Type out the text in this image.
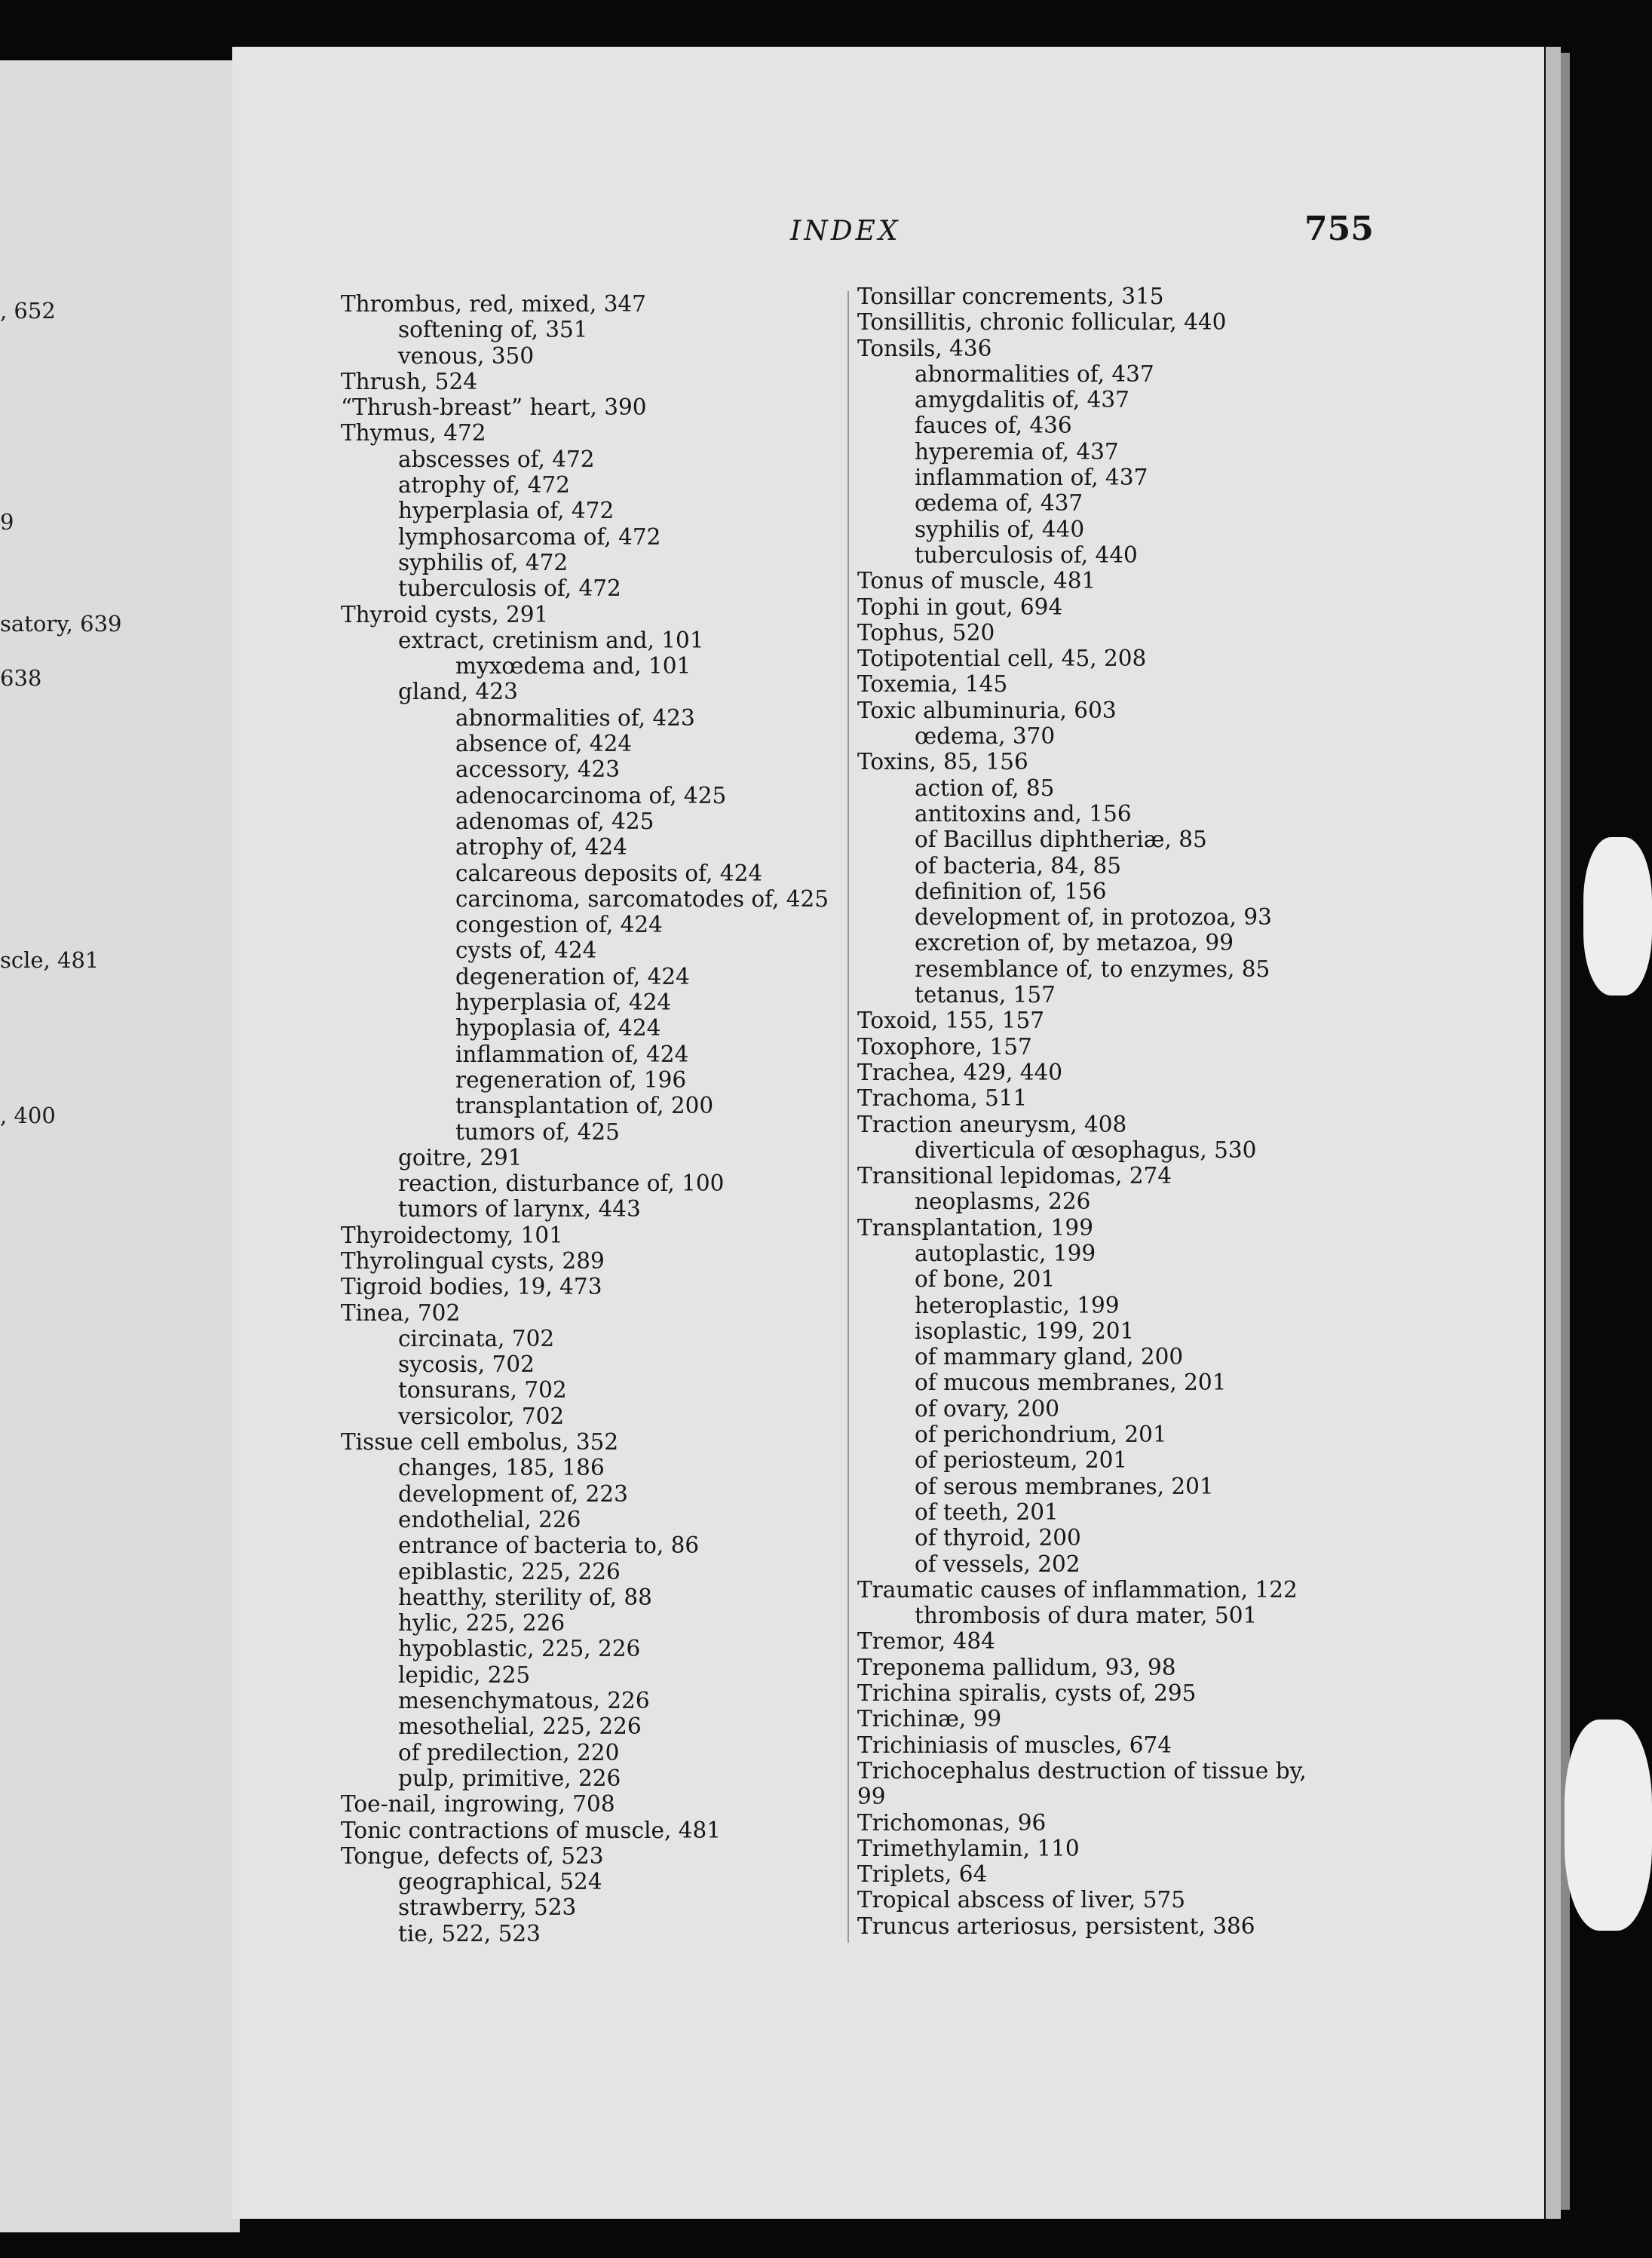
, 652
9
satory, 639
638
scle, 481
, 400
INDEX	755
Thrombus, red, mixed, 347
softening of, 351
venous, 350
Thrush, 524
“Thrush-breast” heart, 390
Thymus, 472
abscesses of, 472
atrophy of, 472
hyperplasia of, 472
lymphosarcoma of, 472
syphilis of, 472
tuberculosis of, 472
Thyroid cysts, 291
extract, cretinism and, 101
myxœdema and, 101
gland, 423
abnormalities of, 423
absence of, 424
accessory, 423
adenocarcinoma of, 425
adenomas of, 425
atrophy of, 424
calcareous deposits of, 424
carcinoma, sarcomatodes of, 425
congestion of, 424
cysts of, 424
degeneration of, 424
hyperplasia of, 424
hypoplasia of, 424
inflammation of, 424
regeneration of, 196
transplantation of, 200
tumors of, 425
goitre, 291
reaction, disturbance of, 100
tumors of larynx, 443
Thyroidectomy, 101
Thyrolingual cysts, 289
Tigroid bodies, 19, 473
Tinea, 702
circinata, 702
sycosis, 702
tonsurans, 702
versicolor, 702
Tissue cell embolus, 352
changes, 185, 186
development of, 223
endothelial, 226
entrance of bacteria to, 86
epiblastic, 225, 226
heatthy, sterility of, 88
hylic, 225, 226
hypoblastic, 225, 226
lepidic, 225
mesenchymatous, 226
mesothelial, 225, 226
of predilection, 220
pulp, primitive, 226
Toe-nail, ingrowing, 708
Tonic contractions of muscle, 481
Tongue, defects of, 523
geographical, 524
strawberry, 523
tie, 522, 523
Tonsillar concrements, 315
Tonsillitis, chronic follicular, 440
Tonsils, 436
abnormalities of, 437
amygdalitis of, 437
fauces of, 436
hyperemia of, 437
inflammation of, 437
œdema of, 437
syphilis of, 440
tuberculosis of, 440
Tonus of muscle, 481
Tophi in gout, 694
Tophus, 520
Totipotential cell, 45, 208
Toxemia, 145
Toxic albuminuria, 603
œdema, 370
Toxins, 85, 156
action of, 85
antitoxins and, 156
of Bacillus diphtheriæ, 85
of bacteria, 84, 85
definition of, 156
development of, in protozoa, 93
excretion of, by metazoa, 99
resemblance of, to enzymes, 85
tetanus, 157
Toxoid, 155, 157
Toxophore, 157
Trachea, 429, 440
Trachoma, 511
Traction aneurysm, 408
diverticula of œsophagus, 530
Transitional lepidomas, 274
neoplasms, 226
Transplantation, 199
autoplastic, 199
of bone, 201
heteroplastic, 199
isoplastic, 199, 201
of mammary gland, 200
of mucous membranes, 201
of ovary, 200
of perichondrium, 201
of periosteum, 201
of serous membranes, 201
of teeth, 201
of thyroid, 200
of vessels, 202
Traumatic causes of inflammation, 122
thrombosis of dura mater, 501
Tremor, 484
Treponema pallidum, 93, 98
Trichina spiralis, cysts of, 295
Trichinæ, 99
Trichiniasis of muscles, 674
Trichocephalus destruction of tissue by,
99
Trichomonas, 96
Trimethylamin, 110
Triplets, 64
Tropical abscess of liver, 575
Truncus arteriosus, persistent, 386
